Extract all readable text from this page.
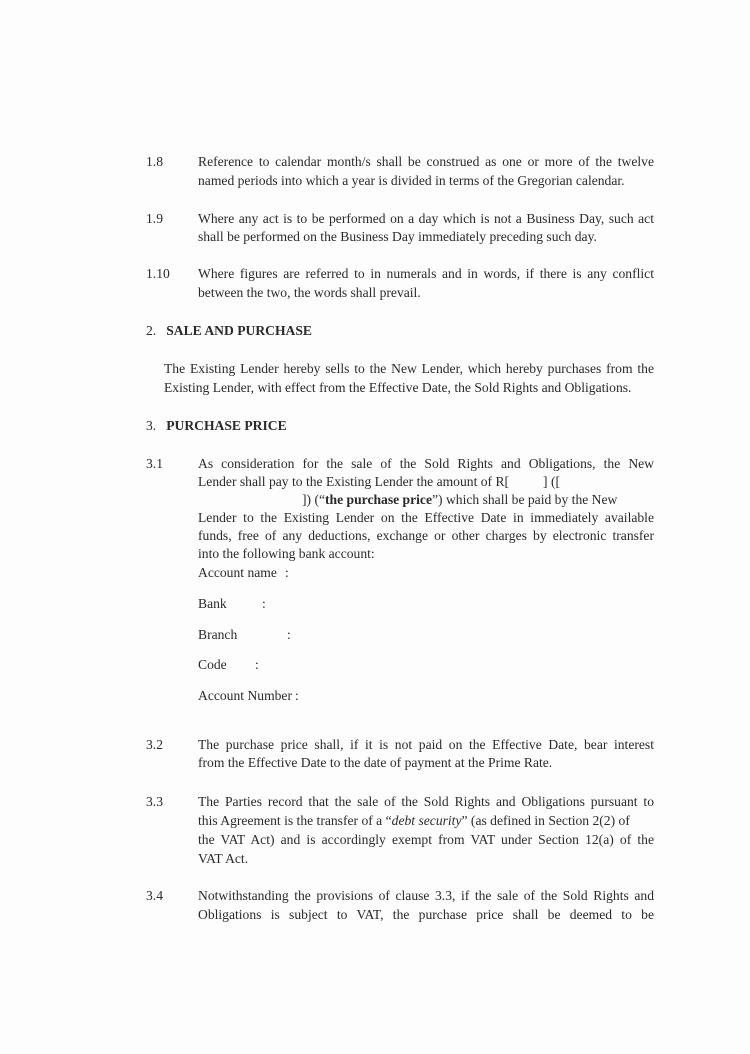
1.8	Reference to calendar month/s shall be construed as one or more of the twelve
named periods into which a year is divided in terms of the Gregorian calendar.
1.9	Where any act is to be performed on a day which is not a Business Day, such act
shall be performed on the Business Day immediately preceding such day.
1.10 Where figures are referred to in numerals and in words, if there is any conflict
between the two, the words shall prevail.
2. SALE AND PURCHASE
The Existing Lender hereby sells to the New Lender, which hereby purchases from the
Existing Lender, with effect from the Effective Date, the Sold Rights and Obligations.
3. PURCHASE PRICE
3.1	As consideration for the sale of the Sold Rights and Obligations, the New
Lender shall pay to the Existing Lender the amount of R[          ] ([
]) (“the purchase price”) which shall be paid by the New
Lender to the Existing Lender on the Effective Date in immediately available
funds, free of any deductions, exchange or other charges by electronic transfer
into the following bank account:
Account name :
Bank	:
Branch	:
Code :
Account Number :
3.2	The purchase price shall, if it is not paid on the Effective Date, bear interest
from the Effective Date to the date of payment at the Prime Rate.
3.3	The Parties record that the sale of the Sold Rights and Obligations pursuant to
this Agreement is the transfer of a “debt security” (as defined in Section 2(2) of
the VAT Act) and is accordingly exempt from VAT under Section 12(a) of the
VAT Act.
3.4	Notwithstanding the provisions of clause 3.3, if the sale of the Sold Rights and
Obligations is subject to VAT, the purchase price shall be deemed to be
